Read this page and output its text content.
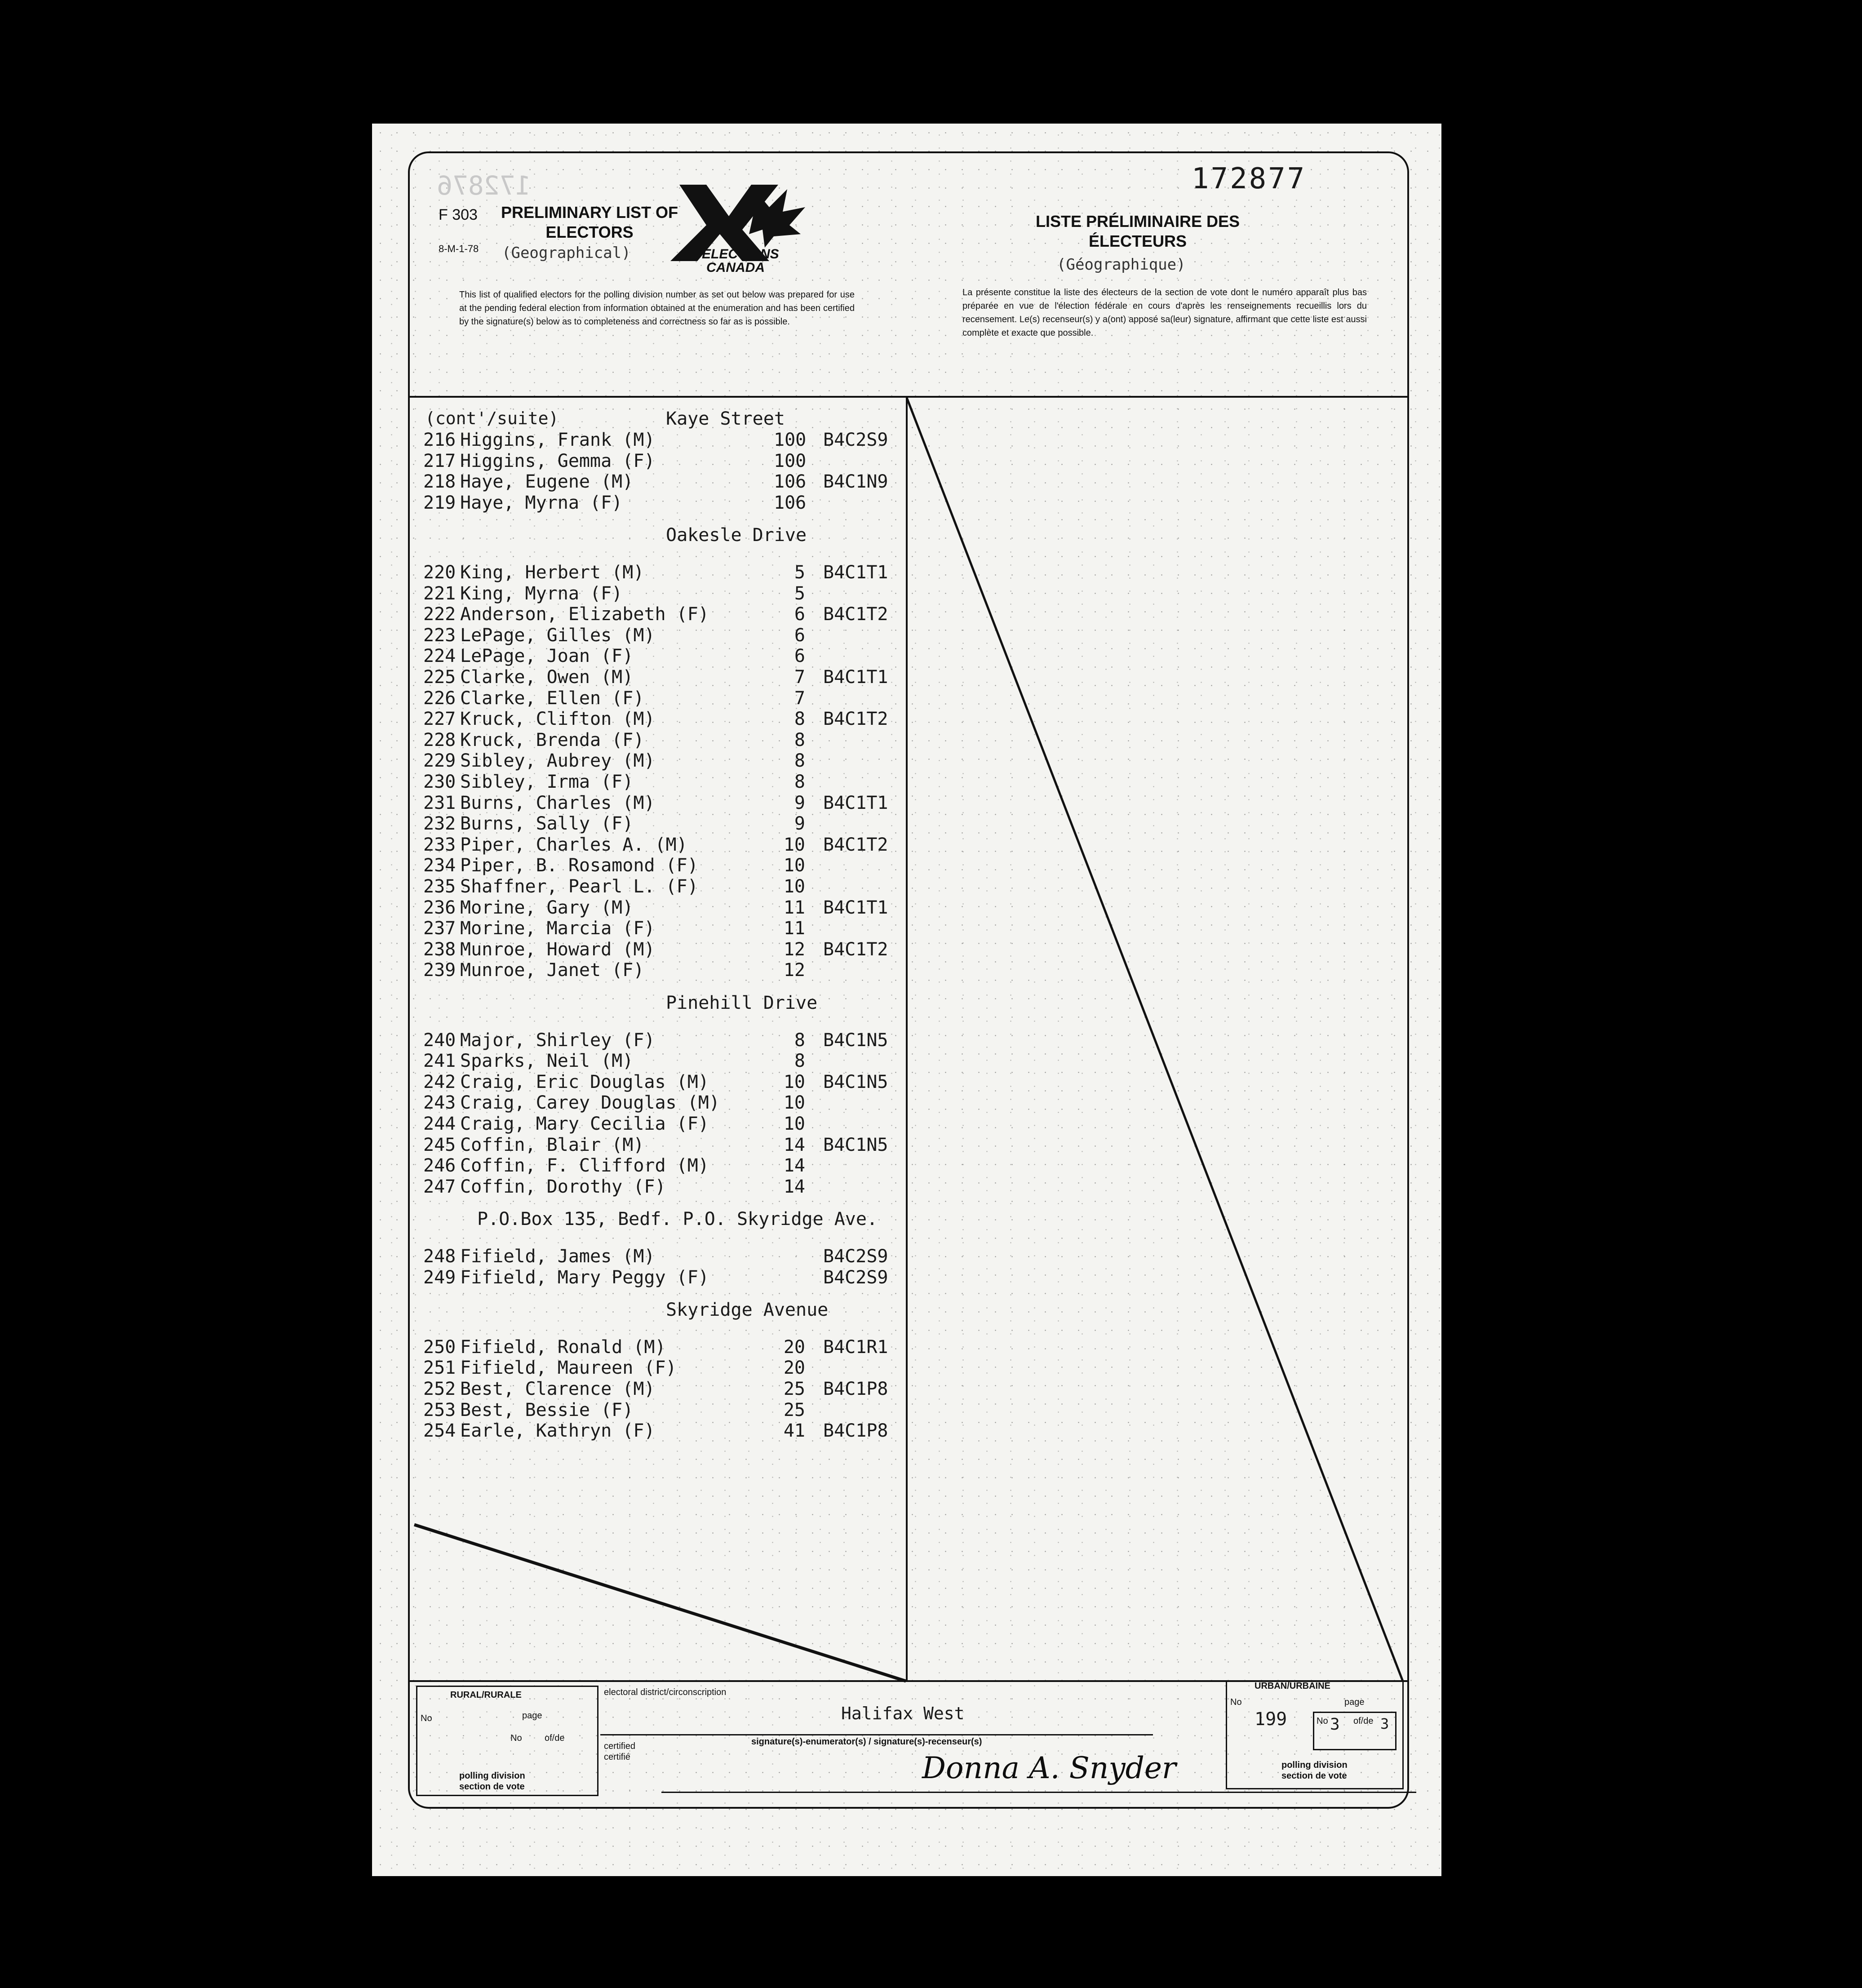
172876	172877
F 303
8-M-1-78
PRELIMINARY LIST OF ELECTORS
(Geographical)	ELECTIONS CANADA
LISTE PRÉLIMINAIRE DES ÉLECTEURS
(Géographique)
This list of qualified electors for the polling division number as set out below was prepared for use at the pending federal election from information obtained at the enumeration and has been certified by the signature(s) below as to completeness and correctness so far as is possible.
La présente constitue la liste des électeurs de la section de vote dont le numéro apparaît plus bas préparée en vue de l'élection fédérale en cours d'après les renseignements recueillis lors du recensement. Le(s) recenseur(s) y a(ont) apposé sa(leur) signature, affirmant que cette liste est aussi complète et exacte que possible.
(cont'/suite)	Kaye Street
216 Higgins, Frank (M)	100 B4C2S9
217 Higgins, Gemma (F)	100
218 Haye, Eugene (M)	106 B4C1N9
219 Haye, Myrna (F)	106
Oakesle Drive
220 King, Herbert (M)	5 B4C1T1
221 King, Myrna (F)	5
222 Anderson, Elizabeth (F)	6 B4C1T2
223 LePage, Gilles (M)	6
224 LePage, Joan (F)	6
225 Clarke, Owen (M)	7 B4C1T1
226 Clarke, Ellen (F)	7
227 Kruck, Clifton (M)	8 B4C1T2
228 Kruck, Brenda (F)	8
229 Sibley, Aubrey (M)	8
230 Sibley, Irma (F)	8
231 Burns, Charles (M)	9 B4C1T1
232 Burns, Sally (F)	9
233 Piper, Charles A. (M)	10 B4C1T2
234 Piper, B. Rosamond (F)	10
235 Shaffner, Pearl L. (F)	10
236 Morine, Gary (M)	11 B4C1T1
237 Morine, Marcia (F)	11
238 Munroe, Howard (M)	12 B4C1T2
239 Munroe, Janet (F)	12
Pinehill Drive
240 Major, Shirley (F)	8 B4C1N5
241 Sparks, Neil (M)	8
242 Craig, Eric Douglas (M)	10 B4C1N5
243 Craig, Carey Douglas (M)	10
244 Craig, Mary Cecilia (F)	10
245 Coffin, Blair (M)	14 B4C1N5
246 Coffin, F. Clifford (M)	14
247 Coffin, Dorothy (F)	14
P.O.Box 135, Bedf. P.O. Skyridge Ave.
248 Fifield, James (M)	B4C2S9
249 Fifield, Mary Peggy (F)	B4C2S9
Skyridge Avenue
250 Fifield, Ronald (M)	20 B4C1R1
251 Fifield, Maureen (F)	20
252 Best, Clarence (M)	25 B4C1P8
253 Best, Bessie (F)	25
254 Earle, Kathryn (F)	41 B4C1P8
RURAL/RURALE
No	page
No	of/de
polling division
section de vote
electoral district/circonscription
Halifax West
certified
certifié
signature(s)-enumerator(s) / signature(s)-recenseur(s)
Donna A. Snyder
URBAN/URBAINE
No
199
page
No 3 of/de 3
polling division
section de vote
